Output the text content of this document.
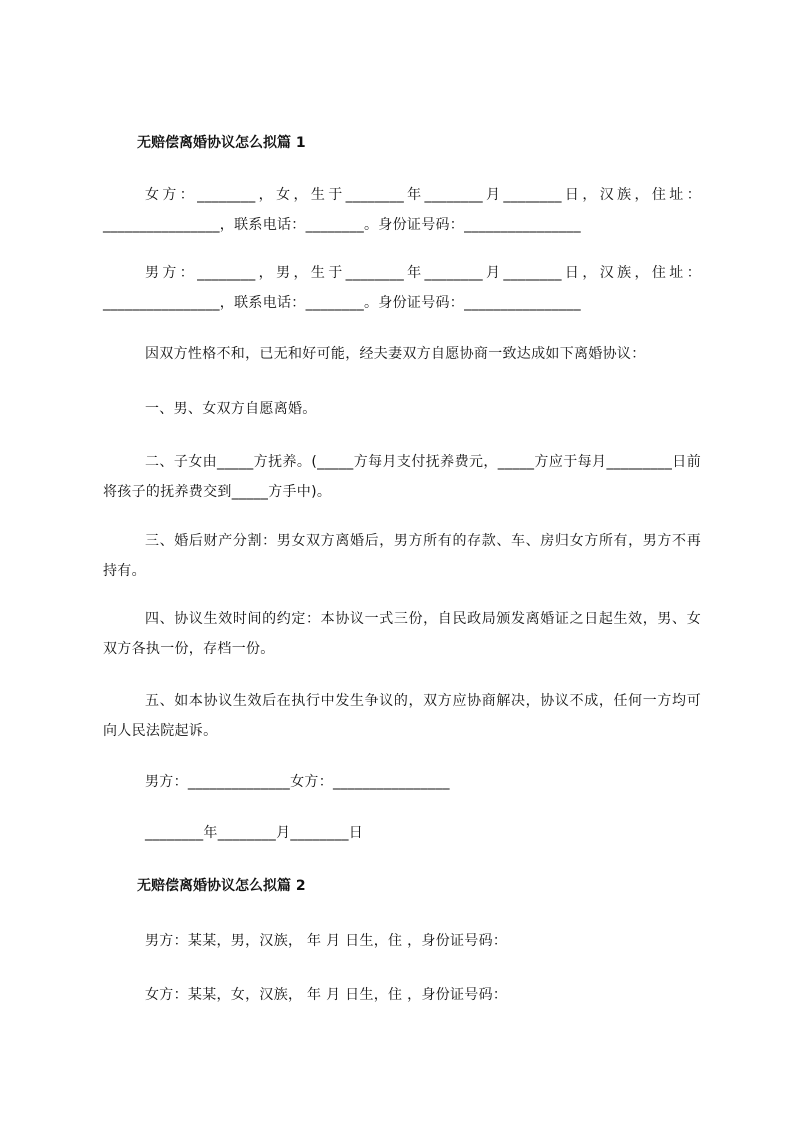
无赔偿离婚协议怎么拟篇 1
女方：________，女，生于________年________月________日，汉族，住址：________________，联系电话：________。身份证号码：________________
男方：________，男，生于________年________月________日，汉族，住址：________________，联系电话：________。身份证号码：________________
因双方性格不和，已无和好可能，经夫妻双方自愿协商一致达成如下离婚协议：
一、男、女双方自愿离婚。
二、子女由_____方抚养。(_____方每月支付抚养费元，_____方应于每月_________日前将孩子的抚养费交到_____方手中)。
三、婚后财产分割：男女双方离婚后，男方所有的存款、车、房归女方所有，男方不再持有。
四、协议生效时间的约定：本协议一式三份，自民政局颁发离婚证之日起生效，男、女双方各执一份，存档一份。
五、如本协议生效后在执行中发生争议的，双方应协商解决，协议不成，任何一方均可向人民法院起诉。
男方：______________女方：________________
________年________月________日
无赔偿离婚协议怎么拟篇 2
男方：某某，男，汉族， 年 月 日生，住 ，身份证号码：
女方：某某，女，汉族， 年 月 日生，住 ，身份证号码：
